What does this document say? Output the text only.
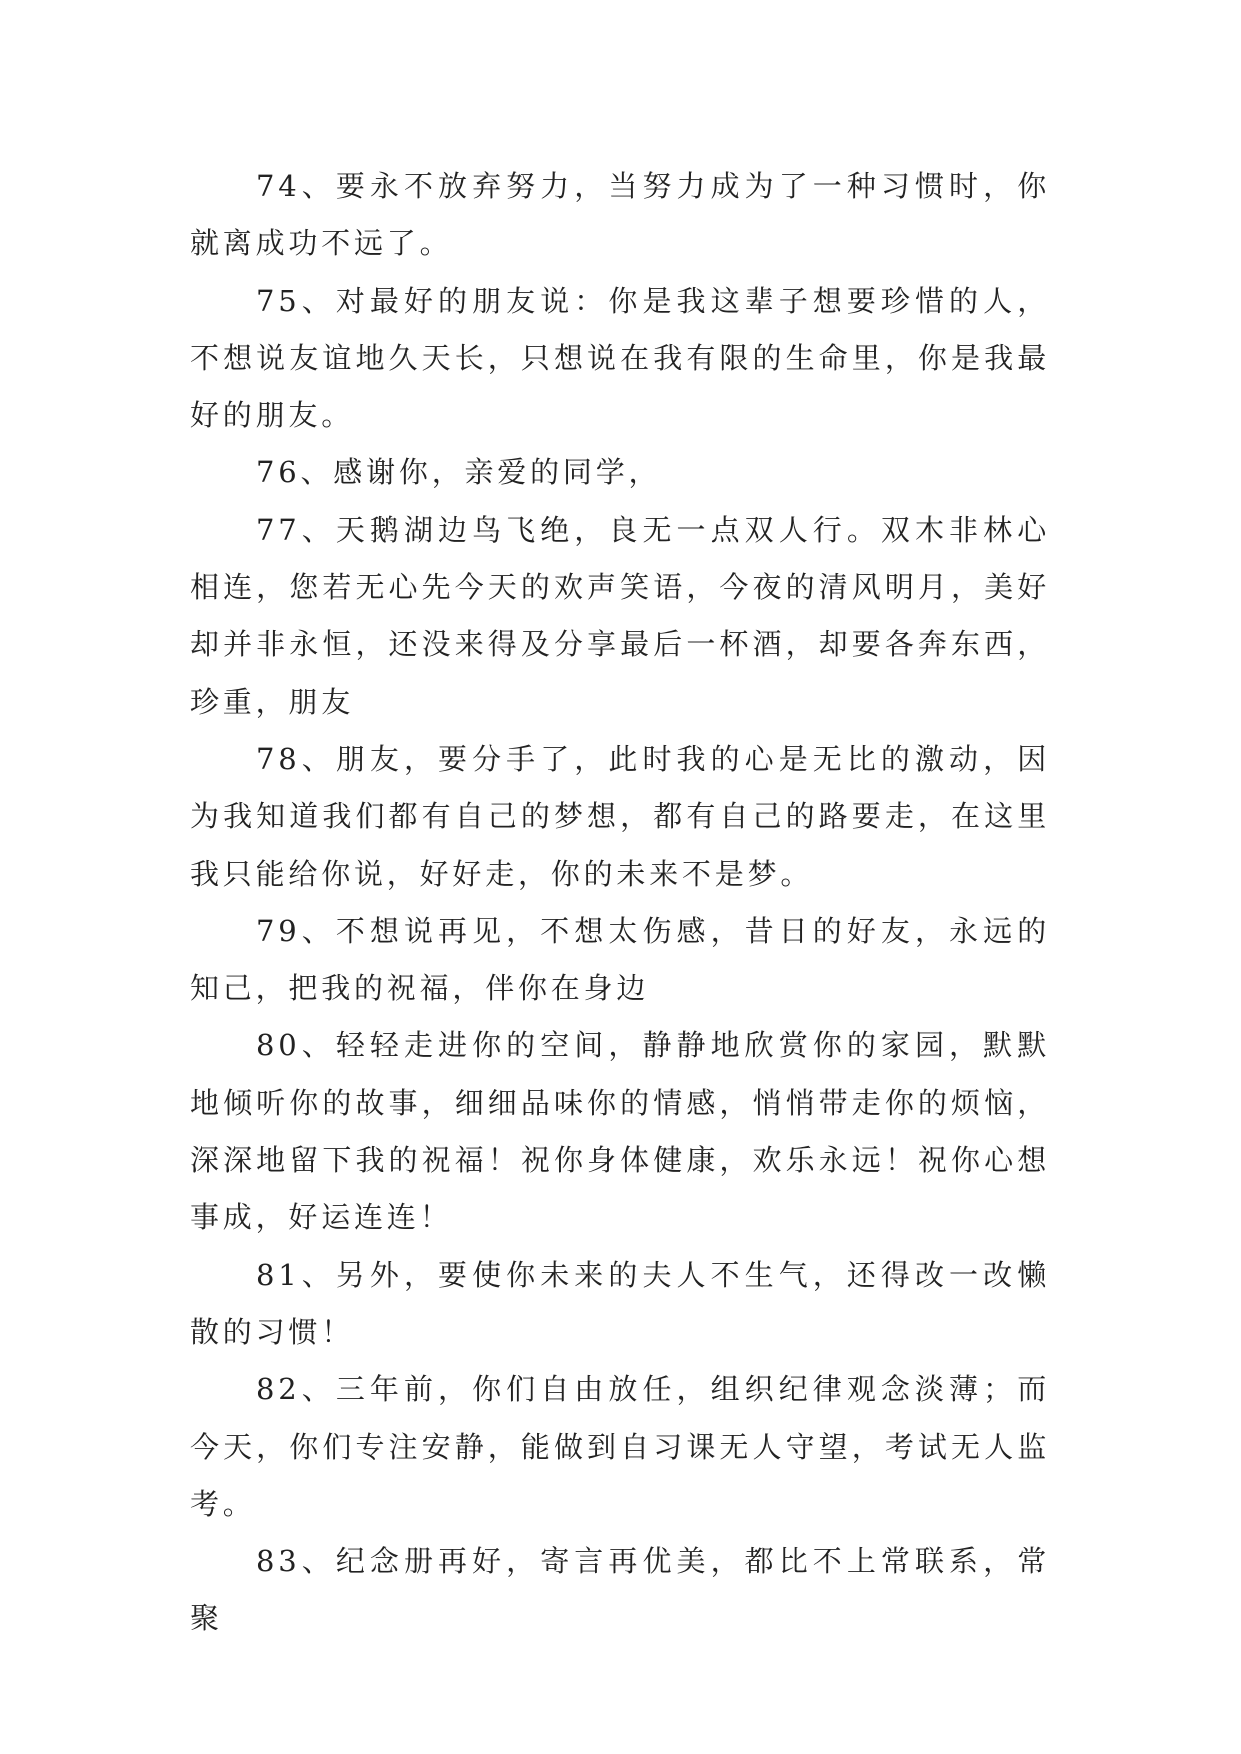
74、要永不放弃努力，当努力成为了一种习惯时，你就离成功不远了。

75、对最好的朋友说：你是我这辈子想要珍惜的人，不想说友谊地久天长，只想说在我有限的生命里，你是我最好的朋友。

76、感谢你，亲爱的同学，

77、天鹅湖边鸟飞绝，良无一点双人行。双木非林心相连，您若无心先今天的欢声笑语，今夜的清风明月，美好却并非永恒，还没来得及分享最后一杯酒，却要各奔东西，珍重，朋友

78、朋友，要分手了，此时我的心是无比的激动，因为我知道我们都有自己的梦想，都有自己的路要走，在这里我只能给你说，好好走，你的未来不是梦。

79、不想说再见，不想太伤感，昔日的好友，永远的知己，把我的祝福，伴你在身边

80、轻轻走进你的空间，静静地欣赏你的家园，默默地倾听你的故事，细细品味你的情感，悄悄带走你的烦恼，深深地留下我的祝福！祝你身体健康，欢乐永远！祝你心想事成，好运连连！

81、另外，要使你未来的夫人不生气，还得改一改懒散的习惯！

82、三年前，你们自由放任，组织纪律观念淡薄；而今天，你们专注安静，能做到自习课无人守望，考试无人监考。

83、纪念册再好，寄言再优美，都比不上常联系，常聚
